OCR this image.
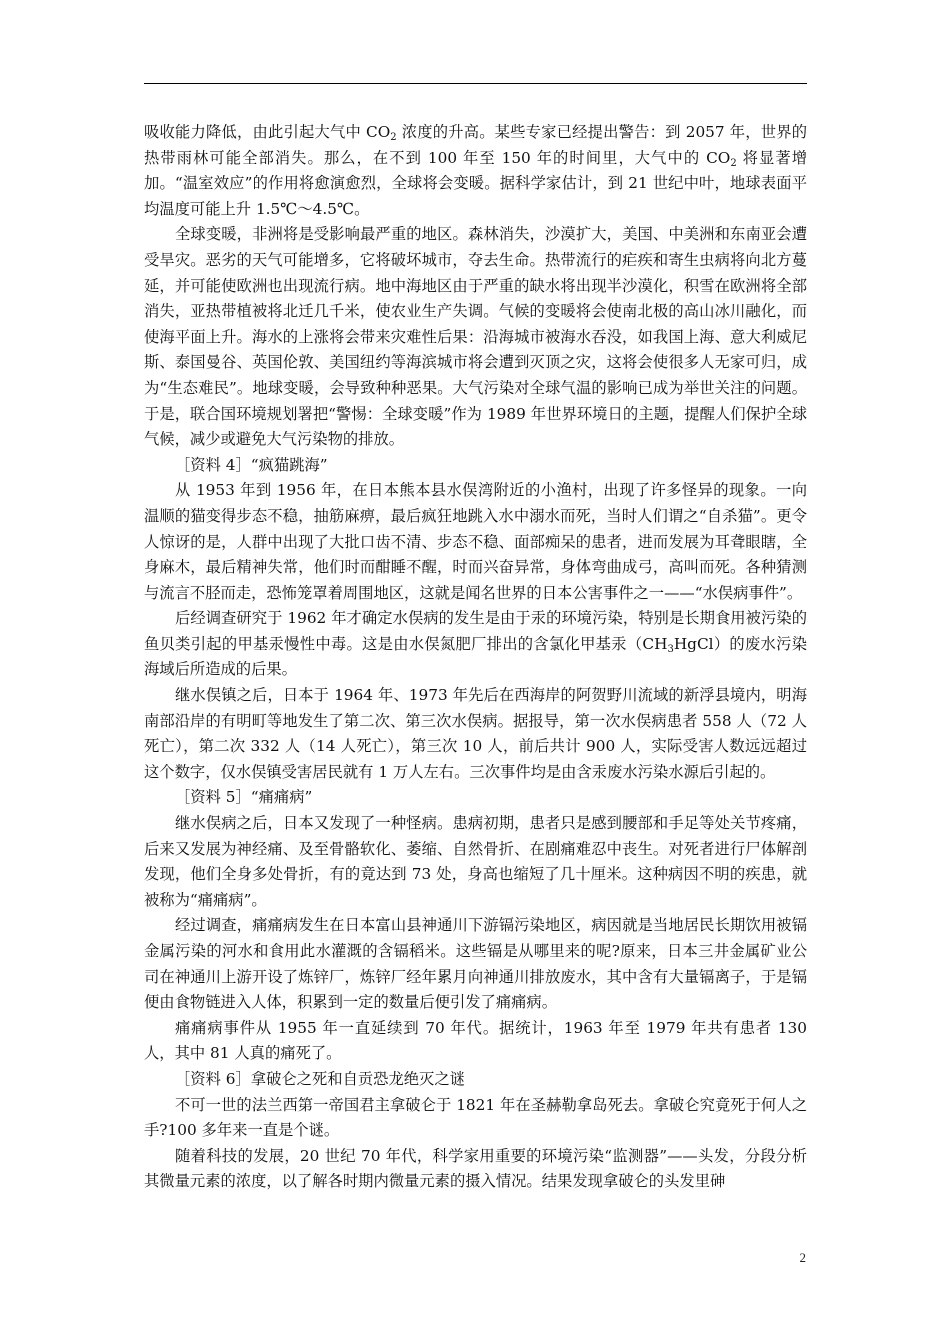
吸收能力降低，由此引起大气中 $CO_2$ 浓度的升高。某些专家已经提出警告：到 2057 年，世界的热带雨林可能全部消失。那么，在不到 100 年至 150 年的时间里，大气中的 $CO_2$ 将显著增加。“温室效应”的作用将愈演愈烈，全球将会变暖。据科学家估计，到 21 世纪中叶，地球表面平均温度可能上升 1.5℃～4.5℃。

全球变暖，非洲将是受影响最严重的地区。森林消失，沙漠扩大，美国、中美洲和东南亚会遭受旱灾。恶劣的天气可能增多，它将破坏城市，夺去生命。热带流行的疟疾和寄生虫病将向北方蔓延，并可能使欧洲也出现流行病。地中海地区由于严重的缺水将出现半沙漠化，积雪在欧洲将全部消失，亚热带植被将北迁几千米，使农业生产失调。气候的变暖将会使南北极的高山冰川融化，而使海平面上升。海水的上涨将会带来灾难性后果：沿海城市被海水吞没，如我国上海、意大利威尼斯、泰国曼谷、英国伦敦、美国纽约等海滨城市将会遭到灭顶之灾，这将会使很多人无家可归，成为“生态难民”。地球变暖，会导致种种恶果。大气污染对全球气温的影响已成为举世关注的问题。于是，联合国环境规划署把“警惕：全球变暖”作为 1989 年世界环境日的主题，提醒人们保护全球气候，减少或避免大气污染物的排放。

［资料 4］“疯猫跳海”

从 1953 年到 1956 年，在日本熊本县水俣湾附近的小渔村，出现了许多怪异的现象。一向温顺的猫变得步态不稳，抽筋麻痹，最后疯狂地跳入水中溺水而死，当时人们谓之“自杀猫”。更令人惊讶的是，人群中出现了大批口齿不清、步态不稳、面部痴呆的患者，进而发展为耳聋眼瞎，全身麻木，最后精神失常，他们时而酣睡不醒，时而兴奋异常，身体弯曲成弓，高叫而死。各种猜测与流言不胫而走，恐怖笼罩着周围地区，这就是闻名世界的日本公害事件之一——“水俣病事件”。

后经调查研究于 1962 年才确定水俣病的发生是由于汞的环境污染，特别是长期食用被污染的鱼贝类引起的甲基汞慢性中毒。这是由水俣氮肥厂排出的含氯化甲基汞$(CH_3HgCl)$的废水污染海域后所造成的后果。

继水俣镇之后，日本于 1964 年、1973 年先后在西海岸的阿贺野川流域的新浮县境内，明海南部沿岸的有明町等地发生了第二次、第三次水俣病。据报导，第一次水俣病患者 558 人（72 人死亡），第二次 332 人（14 人死亡），第三次 10 人，前后共计 900 人，实际受害人数远远超过这个数字，仅水俣镇受害居民就有 1 万人左右。三次事件均是由含汞废水污染水源后引起的。

［资料 5］“痛痛病”

继水俣病之后，日本又发现了一种怪病。患病初期，患者只是感到腰部和手足等处关节疼痛，后来又发展为神经痛、及至骨骼软化、萎缩、自然骨折、在剧痛难忍中丧生。对死者进行尸体解剖发现，他们全身多处骨折，有的竟达到 73 处，身高也缩短了几十厘米。这种病因不明的疾患，就被称为“痛痛病”。

经过调查，痛痛病发生在日本富山县神通川下游镉污染地区，病因就是当地居民长期饮用被镉金属污染的河水和食用此水灌溉的含镉稻米。这些镉是从哪里来的呢?原来，日本三井金属矿业公司在神通川上游开设了炼锌厂，炼锌厂经年累月向神通川排放废水，其中含有大量镉离子，于是镉便由食物链进入人体，积累到一定的数量后便引发了痛痛病。

痛痛病事件从 1955 年一直延续到 70 年代。据统计，1963 年至 1979 年共有患者 130 人，其中 81 人真的痛死了。

［资料 6］拿破仑之死和自贡恐龙绝灭之谜

不可一世的法兰西第一帝国君主拿破仑于 1821 年在圣赫勒拿岛死去。拿破仑究竟死于何人之手?100 多年来一直是个谜。

随着科技的发展，20 世纪 70 年代，科学家用重要的环境污染“监测器”——头发，分段分析其微量元素的浓度，以了解各时期内微量元素的摄入情况。结果发现拿破仑的头发里砷

2
